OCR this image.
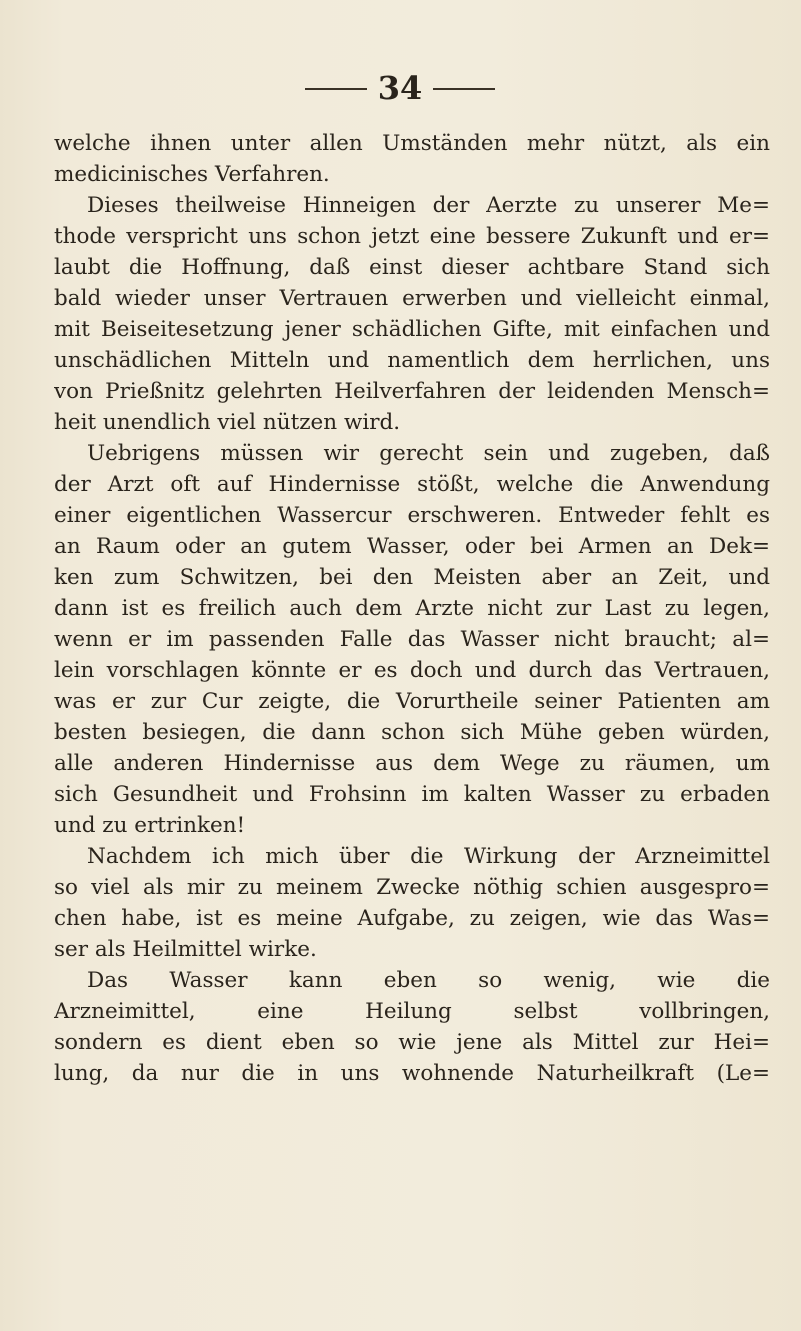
34
welche ihnen unter allen Umständen mehr nützt, als ein
medicinisches Verfahren.
Dieses theilweise Hinneigen der Aerzte zu unserer Me=
thode verspricht uns schon jetzt eine bessere Zukunft und er=
laubt die Hoffnung, daß einst dieser achtbare Stand sich
bald wieder unser Vertrauen erwerben und vielleicht einmal,
mit Beiseitesetzung jener schädlichen Gifte, mit einfachen und
unschädlichen Mitteln und namentlich dem herrlichen, uns
von Prießnitz gelehrten Heilverfahren der leidenden Mensch=
heit unendlich viel nützen wird.
Uebrigens müssen wir gerecht sein und zugeben, daß
der Arzt oft auf Hindernisse stößt, welche die Anwendung
einer eigentlichen Wassercur erschweren. Entweder fehlt es
an Raum oder an gutem Wasser, oder bei Armen an Dek=
ken zum Schwitzen, bei den Meisten aber an Zeit, und
dann ist es freilich auch dem Arzte nicht zur Last zu legen,
wenn er im passenden Falle das Wasser nicht braucht; al=
lein vorschlagen könnte er es doch und durch das Vertrauen,
was er zur Cur zeigte, die Vorurtheile seiner Patienten am
besten besiegen, die dann schon sich Mühe geben würden,
alle anderen Hindernisse aus dem Wege zu räumen, um
sich Gesundheit und Frohsinn im kalten Wasser zu erbaden
und zu ertrinken!
Nachdem ich mich über die Wirkung der Arzneimittel
so viel als mir zu meinem Zwecke nöthig schien ausgespro=
chen habe, ist es meine Aufgabe, zu zeigen, wie das Was=
ser als Heilmittel wirke.
Das Wasser kann eben so wenig, wie die
Arzneimittel, eine Heilung selbst vollbringen,
sondern es dient eben so wie jene als Mittel zur Hei=
lung, da nur die in uns wohnende Naturheilkraft (Le=
